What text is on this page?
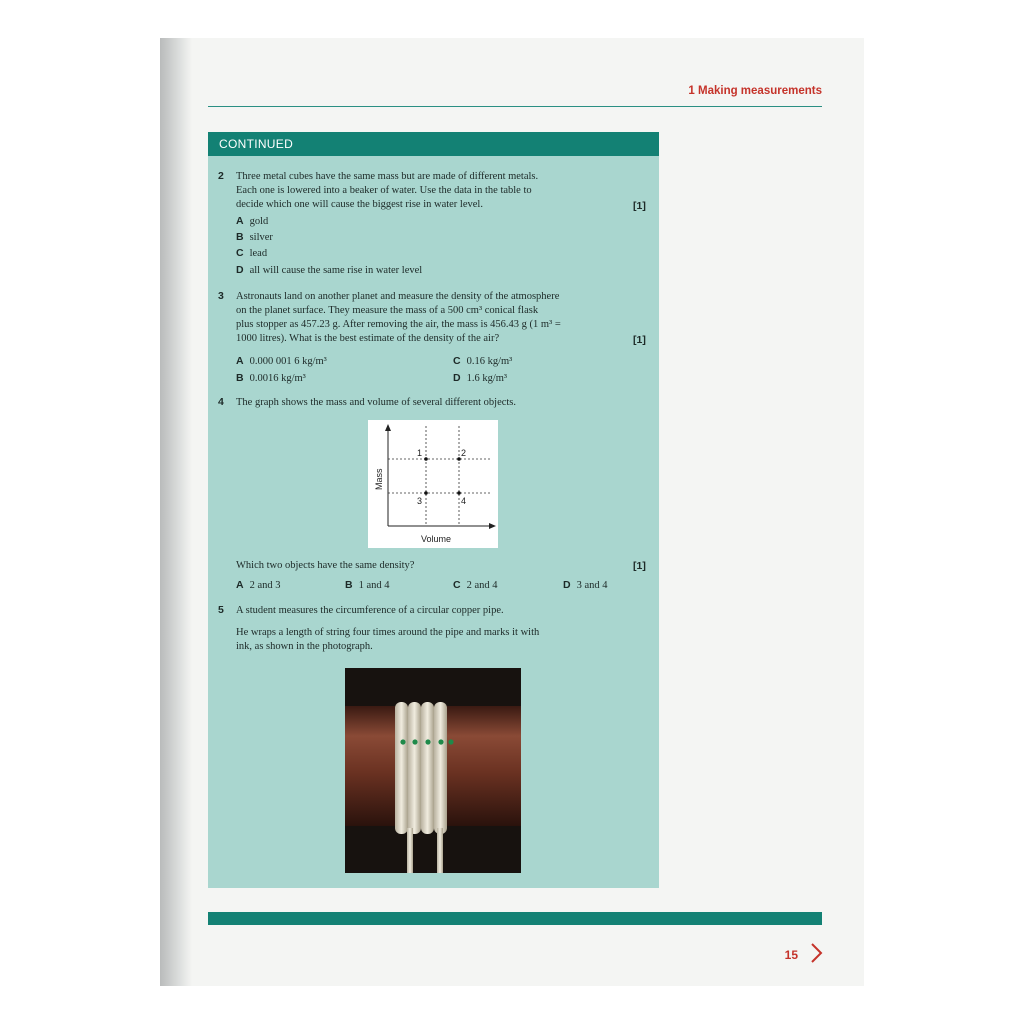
1 Making measurements
CONTINUED
2 Three metal cubes have the same mass but are made of different metals.
Each one is lowered into a beaker of water. Use the data in the table to
decide which one will cause the biggest rise in water level.	[1]
A gold
B silver
C lead
D all will cause the same rise in water level
3 Astronauts land on another planet and measure the density of the atmosphere
on the planet surface. They measure the mass of a 500 cm³ conical flask
plus stopper as 457.23 g. After removing the air, the mass is 456.43 g (1 m³ =
1000 litres). What is the best estimate of the density of the air?	[1]
A 0.000 001 6 kg/m³	C 0.16 kg/m³
B 0.0016 kg/m³	D 1.6 kg/m³
4 The graph shows the mass and volume of several different objects.
1	2
3	4
Volume
Mass
Which two objects have the same density?	[1]
A 2 and 3	B 1 and 4	C 2 and 4	D 3 and 4
5 A student measures the circumference of a circular copper pipe.
He wraps a length of string four times around the pipe and marks it with
ink, as shown in the photograph.
15
